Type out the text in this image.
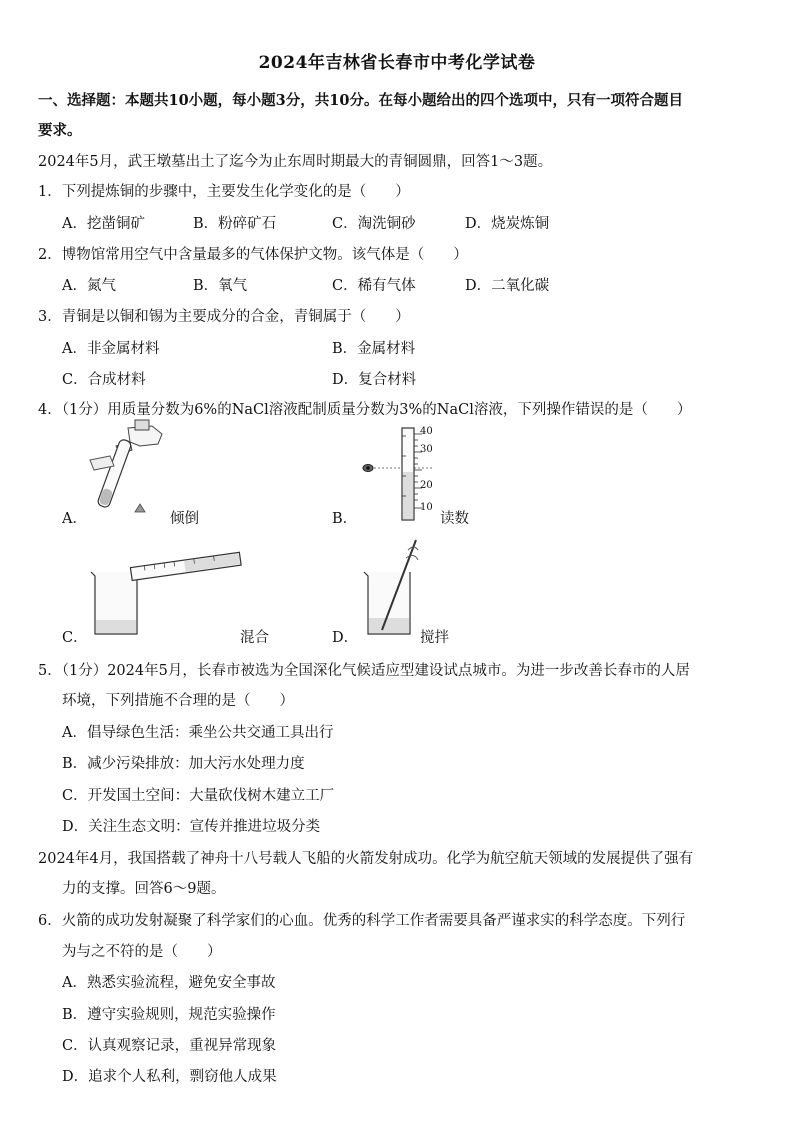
2024年吉林省长春市中考化学试卷
一、选择题：本题共10小题，每小题3分，共10分。在每小题给出的四个选项中，只有一项符合题目
要求。
2024年5月，武王墩墓出土了迄今为止东周时期最大的青铜圆鼎，回答1～3题。
1．下列提炼铜的步骤中，主要发生化学变化的是（　　）
A．挖凿铜矿	B．粉碎矿石	C．淘洗铜砂	D．烧炭炼铜
2．博物馆常用空气中含量最多的气体保护文物。该气体是（　　）
A．氮气	B．氧气	C．稀有气体	D．二氧化碳
3．青铜是以铜和锡为主要成分的合金，青铜属于（　　）
A．非金属材料	B．金属材料
C．合成材料	D．复合材料
4．（1分）用质量分数为6%的NaCl溶液配制质量分数为3%的NaCl溶液，下列操作错误的是（　　）
A．	倾倒
40
30
20
10
B．	读数
C．	混合	D．	搅拌
5．（1分）2024年5月，长春市被选为全国深化气候适应型建设试点城市。为进一步改善长春市的人居
环境，下列措施不合理的是（　　）
A．倡导绿色生活：乘坐公共交通工具出行
B．减少污染排放：加大污水处理力度
C．开发国土空间：大量砍伐树木建立工厂
D．关注生态文明：宣传并推进垃圾分类
2024年4月，我国搭载了神舟十八号载人飞船的火箭发射成功。化学为航空航天领域的发展提供了强有
力的支撑。回答6～9题。
6．火箭的成功发射凝聚了科学家们的心血。优秀的科学工作者需要具备严谨求实的科学态度。下列行
为与之不符的是（　　）
A．熟悉实验流程，避免安全事故
B．遵守实验规则，规范实验操作
C．认真观察记录，重视异常现象
D．追求个人私利，剽窃他人成果
